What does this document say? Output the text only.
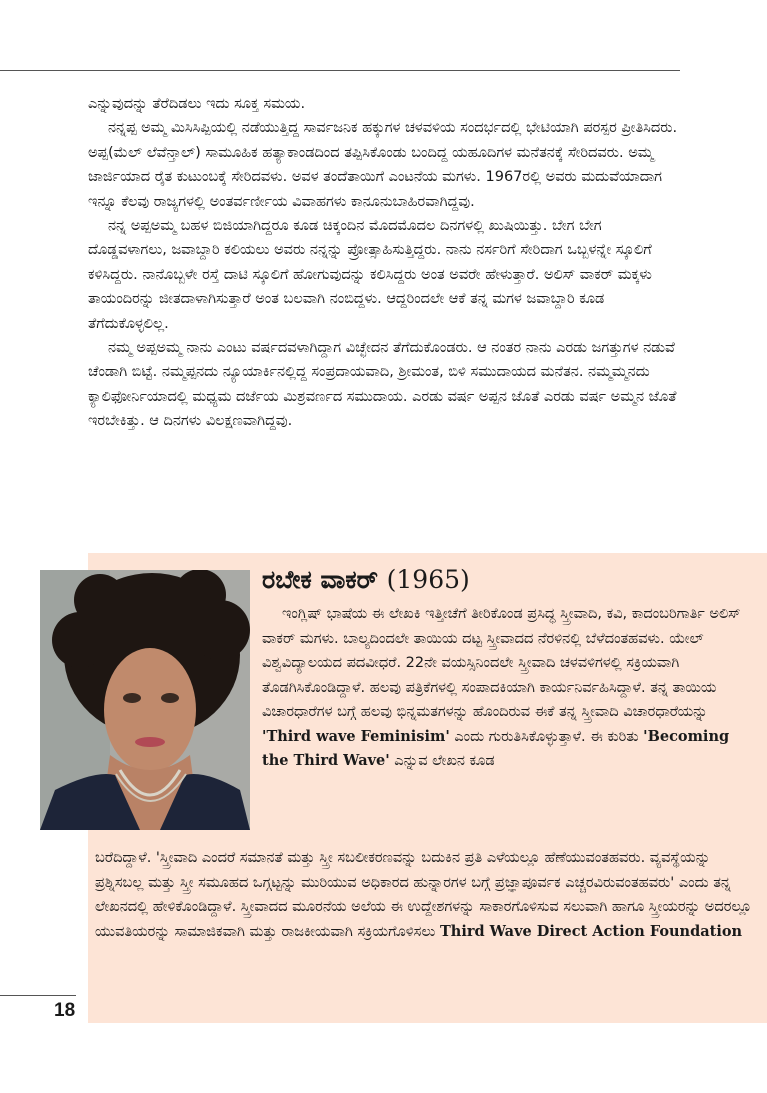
ಎನ್ನುವುದನ್ನು ತೆರೆದಿಡಲು ಇದು ಸೂಕ್ತ ಸಮಯ.

ನನ್ನಪ್ಪ ಅಮ್ಮ ಮಿಸಿಸಿಪ್ಪಿಯಲ್ಲಿ ನಡೆಯುತ್ತಿದ್ದ ಸಾರ್ವಜನಿಕ ಹಕ್ಕುಗಳ ಚಳವಳಿಯ ಸಂದರ್ಭದಲ್ಲಿ ಭೇಟಿಯಾಗಿ ಪರಸ್ಪರ ಪ್ರೀತಿಸಿದರು. ಅಪ್ಪ(ಮೆಲ್ ಲೆವೆನ್ತಾಲ್) ಸಾಮೂಹಿಕ ಹತ್ಯಾಕಾಂಡದಿಂದ ತಪ್ಪಿಸಿಕೊಂಡು ಬಂದಿದ್ದ ಯಹೂದಿಗಳ ಮನೆತನಕ್ಕೆ ಸೇರಿದವರು. ಅಮ್ಮ ಜಾರ್ಜಿಯಾದ ರೈತ ಕುಟುಂಬಕ್ಕೆ ಸೇರಿದವಳು. ಅವಳ ತಂದೆತಾಯಿಗೆ ಎಂಟನೆಯ ಮಗಳು. 1967ರಲ್ಲಿ ಅವರು ಮದುವೆಯಾದಾಗ ಇನ್ನೂ ಕೆಲವು ರಾಜ್ಯಗಳಲ್ಲಿ ಅಂತರ್ವರ್ಣೀಯ ವಿವಾಹಗಳು ಕಾನೂನುಬಾಹಿರವಾಗಿದ್ದವು.

ನನ್ನ ಅಪ್ಪಅಮ್ಮ ಬಹಳ ಬಿಜಿಯಾಗಿದ್ದರೂ ಕೂಡ ಚಿಕ್ಕಂದಿನ ಮೊದಮೊದಲ ದಿನಗಳಲ್ಲಿ ಖುಷಿಯಿತ್ತು. ಬೇಗ ಬೇಗ ದೊಡ್ಡವಳಾಗಲು, ಜವಾಬ್ದಾರಿ ಕಲಿಯಲು ಅವರು ನನ್ನನ್ನು ಪ್ರೋತ್ಸಾಹಿಸುತ್ತಿದ್ದರು. ನಾನು ನರ್ಸರಿಗೆ ಸೇರಿದಾಗ ಒಬ್ಬಳನ್ನೇ ಸ್ಕೂಲಿಗೆ ಕಳಿಸಿದ್ದರು. ನಾನೊಬ್ಬಳೇ ರಸ್ತೆ ದಾಟಿ ಸ್ಕೂಲಿಗೆ ಹೋಗುವುದನ್ನು ಕಲಿಸಿದ್ದರು ಅಂತ ಅವರೇ ಹೇಳುತ್ತಾರೆ. ಅಲಿಸ್ ವಾಕರ್ ಮಕ್ಕಳು ತಾಯಂದಿರನ್ನು ಜೀತದಾಳಾಗಿಸುತ್ತಾರೆ ಅಂತ ಬಲವಾಗಿ ನಂಬಿದ್ದಳು. ಆದ್ದರಿಂದಲೇ ಆಕೆ ತನ್ನ ಮಗಳ ಜವಾಬ್ದಾರಿ ಕೂಡ ತೆಗೆದುಕೊಳ್ಳಲಿಲ್ಲ.

ನಮ್ಮ ಅಪ್ಪಅಮ್ಮ ನಾನು ಎಂಟು ವರ್ಷದವಳಾಗಿದ್ದಾಗ ವಿಚ್ಛೇದನ ತೆಗೆದುಕೊಂಡರು. ಆ ನಂತರ ನಾನು ಎರಡು ಜಗತ್ತುಗಳ ನಡುವೆ ಚೆಂಡಾಗಿ ಬಿಟ್ಟೆ. ನಮ್ಮಪ್ಪನದು ನ್ಯೂಯಾರ್ಕಿನಲ್ಲಿದ್ದ ಸಂಪ್ರದಾಯವಾದಿ, ಶ್ರೀಮಂತ, ಬಿಳಿ ಸಮುದಾಯದ ಮನೆತನ. ನಮ್ಮಮ್ಮನದು ಕ್ಯಾಲಿಫೋರ್ನಿಯಾದಲ್ಲಿ ಮಧ್ಯಮ ದರ್ಜೆಯ ಮಿಶ್ರವರ್ಣದ ಸಮುದಾಯ. ಎರಡು ವರ್ಷ ಅಪ್ಪನ ಜೊತೆ ಎರಡು ವರ್ಷ ಅಮ್ಮನ ಜೊತೆ ಇರಬೇಕಿತ್ತು. ಆ ದಿನಗಳು ವಿಲಕ್ಷಣವಾಗಿದ್ದವು.

ರಬೇಕ ವಾಕರ್ (1965)

ಇಂಗ್ಲಿಷ್ ಭಾಷೆಯ ಈ ಲೇಖಕಿ ಇತ್ತೀಚೆಗೆ ತೀರಿಕೊಂಡ ಪ್ರಸಿದ್ಧ ಸ್ತ್ರೀವಾದಿ, ಕವಿ, ಕಾದಂಬರಿಗಾರ್ತಿ ಅಲಿಸ್ ವಾಕರ್ ಮಗಳು. ಬಾಲ್ಯದಿಂದಲೇ ತಾಯಿಯ ದಟ್ಟ ಸ್ತ್ರೀವಾದದ ನೆರಳಿನಲ್ಲಿ ಬೆಳೆದಂತಹವಳು. ಯೇಲ್ ವಿಶ್ವವಿದ್ಯಾಲಯದ ಪದವೀಧರೆ. 22ನೇ ವಯಸ್ಸಿನಿಂದಲೇ ಸ್ತ್ರೀವಾದಿ ಚಳವಳಿಗಳಲ್ಲಿ ಸಕ್ರಿಯವಾಗಿ ತೊಡಗಿಸಿಕೊಂಡಿದ್ದಾಳೆ. ಹಲವು ಪತ್ರಿಕೆಗಳಲ್ಲಿ ಸಂಪಾದಕಿಯಾಗಿ ಕಾರ್ಯನಿರ್ವಹಿಸಿದ್ದಾಳೆ. ತನ್ನ ತಾಯಿಯ ವಿಚಾರಧಾರೆಗಳ ಬಗ್ಗೆ ಹಲವು ಭಿನ್ನಮತಗಳನ್ನು ಹೊಂದಿರುವ ಈಕೆ ತನ್ನ ಸ್ತ್ರೀವಾದಿ ವಿಚಾರಧಾರೆಯನ್ನು 'Third wave Feminisim' ಎಂದು ಗುರುತಿಸಿಕೊಳ್ಳುತ್ತಾಳೆ. ಈ ಕುರಿತು 'Becoming the Third Wave' ಎನ್ನುವ ಲೇಖನ ಕೂಡ

ಬರೆದಿದ್ದಾಳೆ. 'ಸ್ತ್ರೀವಾದಿ ಎಂದರೆ ಸಮಾನತೆ ಮತ್ತು ಸ್ತ್ರೀ ಸಬಲೀಕರಣವನ್ನು ಬದುಕಿನ ಪ್ರತಿ ಎಳೆಯಲ್ಲೂ ಹೆಣೆಯುವಂತಹವರು. ವ್ಯವಸ್ಥೆಯನ್ನು ಪ್ರಶ್ನಿಸಬಲ್ಲ ಮತ್ತು ಸ್ತ್ರೀ ಸಮೂಹದ ಒಗ್ಗಟ್ಟನ್ನು ಮುರಿಯುವ ಅಧಿಕಾರದ ಹುನ್ನಾರಗಳ ಬಗ್ಗೆ ಪ್ರಜ್ಞಾಪೂರ್ವಕ ಎಚ್ಚರವಿರುವಂತಹವರು' ಎಂದು ತನ್ನ ಲೇಖನದಲ್ಲಿ ಹೇಳಿಕೊಂಡಿದ್ದಾಳೆ. ಸ್ತ್ರೀವಾದದ ಮೂರನೆಯ ಅಲೆಯ ಈ ಉದ್ದೇಶಗಳನ್ನು ಸಾಕಾರಗೊಳಿಸುವ ಸಲುವಾಗಿ ಹಾಗೂ ಸ್ತ್ರೀಯರನ್ನು ಅದರಲ್ಲೂ ಯುವತಿಯರನ್ನು ಸಾಮಾಜಿಕವಾಗಿ ಮತ್ತು ರಾಜಕೀಯವಾಗಿ ಸಕ್ರಿಯಗೊಳಿಸಲು Third Wave Direct Action Foundation

18
